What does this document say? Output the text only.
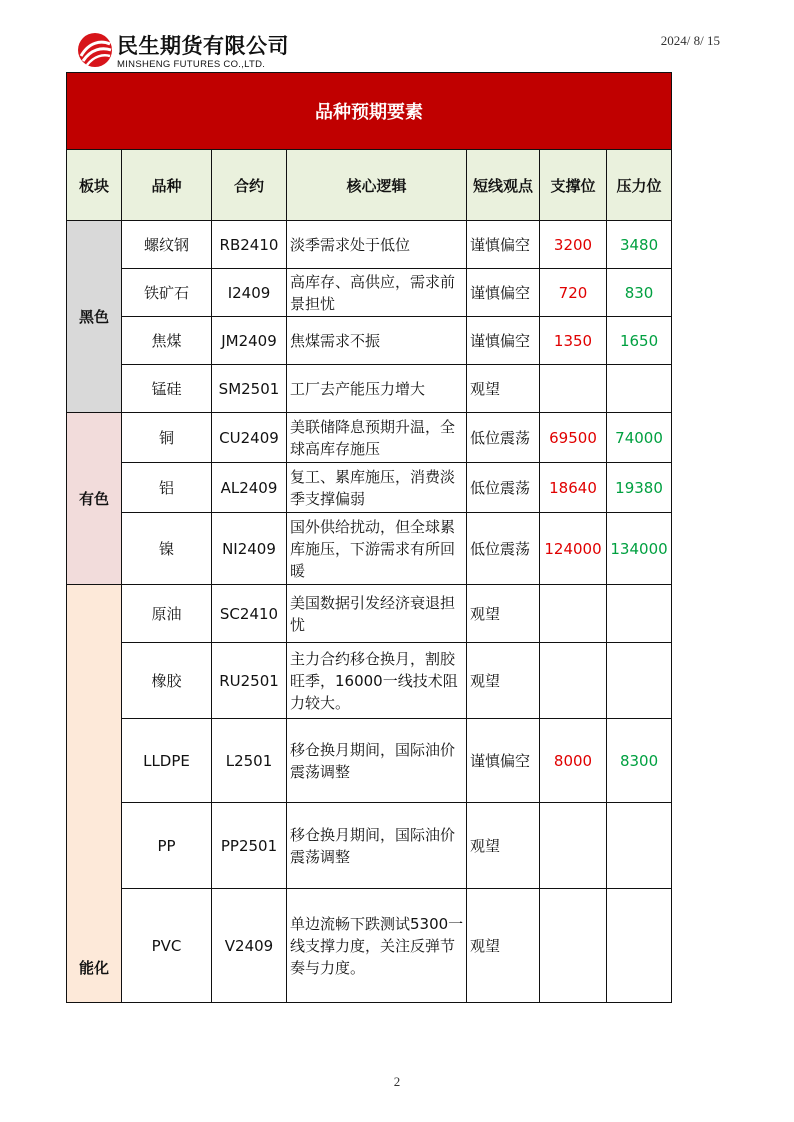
民生期货有限公司
MINSHENG FUTURES CO.,LTD.
2024/ 8/ 15
品种预期要素						
板块	品种	合约	核心逻辑	短线观点	支撑位	压力位
黑色	螺纹钢	RB2410	淡季需求处于低位	谨慎偏空	3200	3480
	铁矿石	I2409	高库存、高供应，需求前景担忧	谨慎偏空	720	830
	焦煤	JM2409	焦煤需求不振	谨慎偏空	1350	1650
	锰硅	SM2501	工厂去产能压力增大	观望		
有色	铜	CU2409	美联储降息预期升温，全球高库存施压	低位震荡	69500	74000
	铝	AL2409	复工、累库施压，消费淡季支撑偏弱	低位震荡	18640	19380
	镍	NI2409	国外供给扰动，但全球累库施压，下游需求有所回暖	低位震荡	124000	134000
能化	原油	SC2410	美国数据引发经济衰退担忧	观望		
	橡胶	RU2501	主力合约移仓换月，割胶旺季，16000一线技术阻力较大。	观望		
	LLDPE	L2501	移仓换月期间，国际油价震荡调整	谨慎偏空	8000	8300
	PP	PP2501	移仓换月期间，国际油价震荡调整	观望		
	PVC	V2409	单边流畅下跌测试5300一线支撑力度，关注反弹节奏与力度。	观望		
2
